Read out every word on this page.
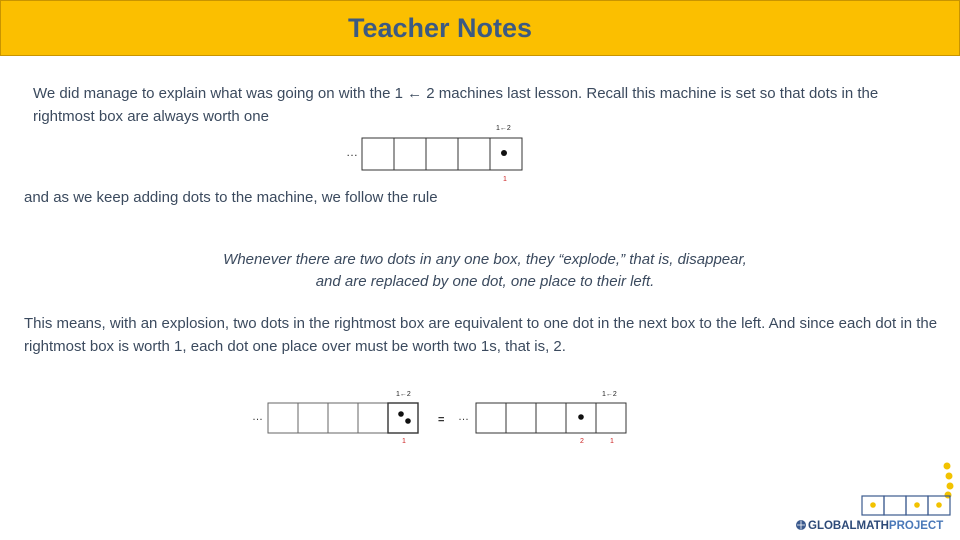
Teacher Notes
We did manage to explain what was going on with the 1 ← 2 machines last lesson. Recall this machine is set so that dots in the rightmost box are always worth one
1←2
…
1
and as we keep adding dots to the machine, we follow the rule
Whenever there are two dots in any one box, they “explode,” that is, disappear,
and are replaced by one dot, one place to their left.
This means, with an explosion, two dots in the rightmost box are equivalent to one dot in the next box to the left. And since each dot in the rightmost box is worth 1, each dot one place over must be worth two 1s, that is, 2.
1←2
…
1
=
1←2
…
2	1
GLOBALMATHPROJECT
